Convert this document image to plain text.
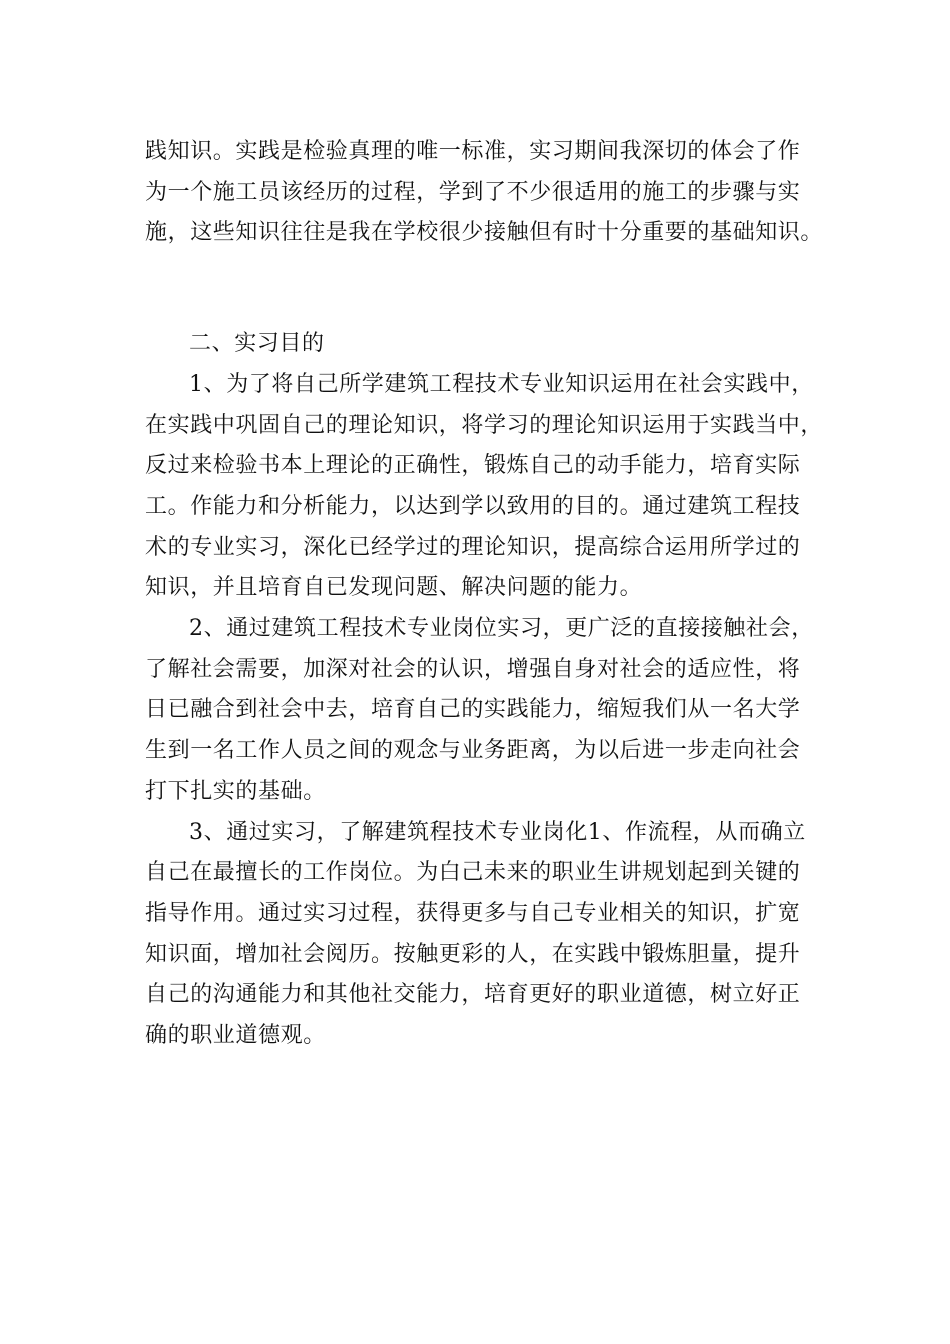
践知识。实践是检验真理的唯一标准，实习期间我深切的体会了作
为一个施工员该经历的过程，学到了不少很适用的施工的步骤与实
施，这些知识往往是我在学校很少接触但有时十分重要的基础知识。
二、实习目的
1、为了将自己所学建筑工程技术专业知识运用在社会实践中，
在实践中巩固自己的理论知识，将学习的理论知识运用于实践当中，
反过来检验书本上理论的正确性，锻炼自己的动手能力，培育实际
工。作能力和分析能力，以达到学以致用的目的。通过建筑工程技
术的专业实习，深化已经学过的理论知识，提高综合运用所学过的
知识，并且培育自已发现问题、解决问题的能力。
2、通过建筑工程技术专业岗位实习，更广泛的直接接触社会，
了解社会需要，加深对社会的认识，增强自身对社会的适应性，将
日已融合到社会中去，培育自己的实践能力，缩短我们从一名大学
生到一名工作人员之间的观念与业务距离，为以后进一步走向社会
打下扎实的基础。
3、通过实习，了解建筑程技术专业岗化1、作流程，从而确立
自己在最擅长的工作岗位。为白己未来的职业生讲规划起到关键的
指导作用。通过实习过程，获得更多与自己专业相关的知识，扩宽
知识面，增加社会阅历。按触更彩的人，在实践中锻炼胆量，提升
自己的沟通能力和其他社交能力，培育更好的职业道德，树立好正
确的职业道德观。
